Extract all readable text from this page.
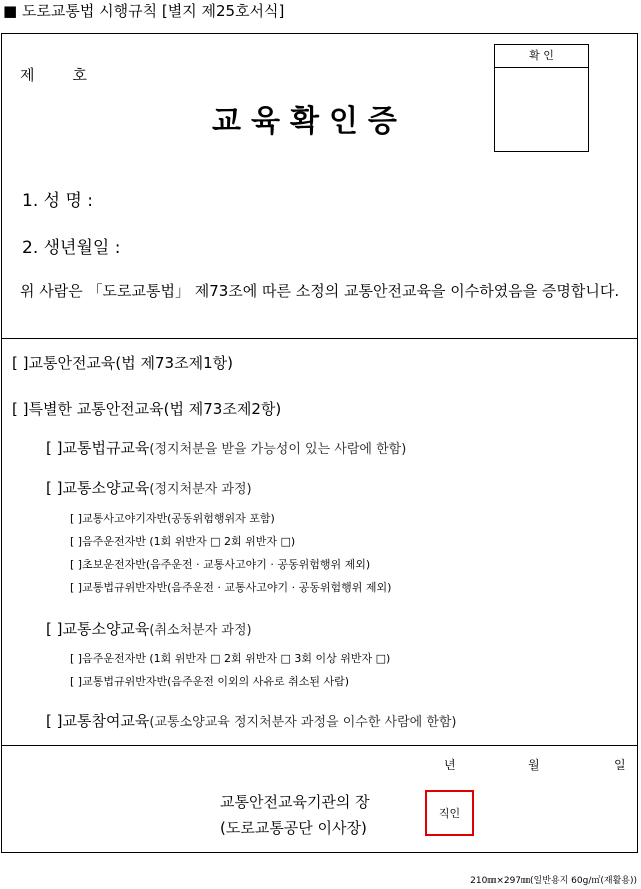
■ 도로교통법 시행규칙 [별지 제25호서식]
제	호
교육확인증
확 인
1. 성 명 :
2. 생년월일 :
위 사람은 「도로교통법」 제73조에 따른 소정의 교통안전교육을 이수하였음을 증명합니다.
[ ]교통안전교육(법 제73조제1항)
[ ]특별한 교통안전교육(법 제73조제2항)
[ ]교통법규교육(정지처분을 받을 가능성이 있는 사람에 한함)
[ ]교통소양교육(정지처분자 과정)
[ ]교통사고야기자반(공동위험행위자 포함)
[ ]음주운전자반 (1회 위반자 □ 2회 위반자 □)
[ ]초보운전자반(음주운전 · 교통사고야기 · 공동위험행위 제외)
[ ]교통법규위반자반(음주운전 · 교통사고야기 · 공동위험행위 제외)
[ ]교통소양교육(취소처분자 과정)
[ ]음주운전자반 (1회 위반자 □ 2회 위반자 □ 3회 이상 위반자 □)
[ ]교통법규위반자반(음주운전 이외의 사유로 취소된 사람)
[ ]교통참여교육(교통소양교육 정지처분자 과정을 이수한 사람에 한함)
년	월	일
교통안전교육기관의 장
(도로교통공단 이사장)
직인
210㎜×297㎜(일반용지 60g/㎡(재활용))
